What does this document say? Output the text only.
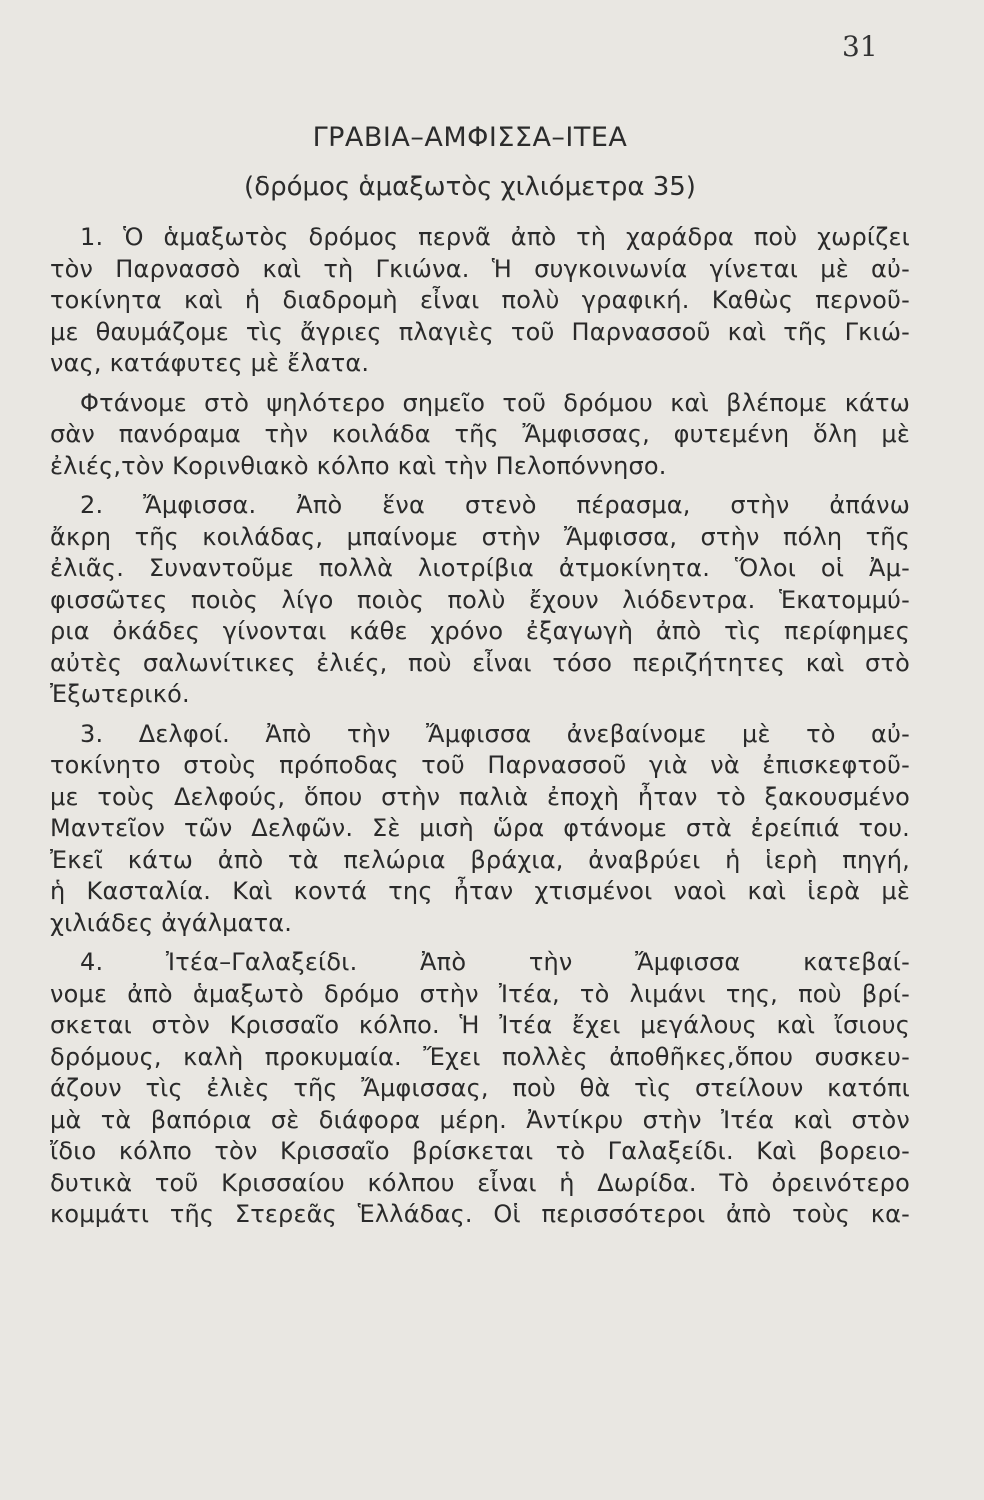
31
ΓΡΑΒΙΑ–ΑΜΦΙΣΣΑ–ΙΤΕΑ
(δρόμος ἁμαξωτὸς χιλιόμετρα 35)
1. Ὁ ἁμαξωτὸς δρόμος περνᾶ ἀπὸ τὴ χαράδρα ποὺ χωρίζει
τὸν Παρνασσὸ καὶ τὴ Γκιώνα. Ἡ συγκοινωνία γίνεται μὲ αὐ-
τοκίνητα καὶ ἡ διαδρομὴ εἶναι πολὺ γραφική. Καθὼς περνοῦ-
με θαυμάζομε τὶς ἄγριες πλαγιὲς τοῦ Παρνασσοῦ καὶ τῆς Γκιώ-
νας, κατάφυτες μὲ ἔλατα.
Φτάνομε στὸ ψηλότερο σημεῖο τοῦ δρόμου καὶ βλέπομε κάτω
σὰν πανόραμα τὴν κοιλάδα τῆς Ἄμφισσας, φυτεμένη ὅλη μὲ
ἐλιές,τὸν Κορινθιακὸ κόλπο καὶ τὴν Πελοπόννησο.
2. Ἄμφισσα. Ἀπὸ ἕνα στενὸ πέρασμα, στὴν ἀπάνω
ἄκρη τῆς κοιλάδας, μπαίνομε στὴν Ἄμφισσα, στὴν πόλη τῆς
ἐλιᾶς. Συναντοῦμε πολλὰ λιοτρίβια ἀτμοκίνητα. Ὅλοι οἱ Ἀμ-
φισσῶτες ποιὸς λίγο ποιὸς πολὺ ἔχουν λιόδεντρα. Ἑκατομμύ-
ρια ὀκάδες γίνονται κάθε χρόνο ἐξαγωγὴ ἀπὸ τὶς περίφημες
αὐτὲς σαλωνίτικες ἐλιές, ποὺ εἶναι τόσο περιζήτητες καὶ στὸ
Ἐξωτερικό.
3. Δελφοί. Ἀπὸ τὴν Ἄμφισσα ἀνεβαίνομε μὲ τὸ αὐ-
τοκίνητο στοὺς πρόποδας τοῦ Παρνασσοῦ γιὰ νὰ ἐπισκεφτοῦ-
με τοὺς Δελφούς, ὅπου στὴν παλιὰ ἐποχὴ ἦταν τὸ ξακουσμένο
Μαντεῖον τῶν Δελφῶν. Σὲ μισὴ ὥρα φτάνομε στὰ ἐρείπιά του.
Ἐκεῖ κάτω ἀπὸ τὰ πελώρια βράχια, ἀναβρύει ἡ ἱερὴ πηγή,
ἡ Κασταλία. Καὶ κοντά της ἦταν χτισμένοι ναοὶ καὶ ἱερὰ μὲ
χιλιάδες ἀγάλματα.
4. Ἰτέα–Γαλαξείδι. Ἀπὸ τὴν Ἄμφισσα κατεβαί-
νομε ἀπὸ ἁμαξωτὸ δρόμο στὴν Ἰτέα, τὸ λιμάνι της, ποὺ βρί-
σκεται στὸν Κρισσαῖο κόλπο. Ἡ Ἰτέα ἔχει μεγάλους καὶ ἴσιους
δρόμους, καλὴ προκυμαία. Ἔχει πολλὲς ἀποθῆκες,ὅπου συσκευ-
άζουν τὶς ἐλιὲς τῆς Ἄμφισσας, ποὺ θὰ τὶς στείλουν κατόπι
μὰ τὰ βαπόρια σὲ διάφορα μέρη. Ἀντίκρυ στὴν Ἰτέα καὶ στὸν
ἴδιο κόλπο τὸν Κρισσαῖο βρίσκεται τὸ Γαλαξείδι. Καὶ βορειο-
δυτικὰ τοῦ Κρισσαίου κόλπου εἶναι ἡ Δωρίδα. Τὸ ὀρεινότερο
κομμάτι τῆς Στερεᾶς Ἑλλάδας. Οἱ περισσότεροι ἀπὸ τοὺς κα-
